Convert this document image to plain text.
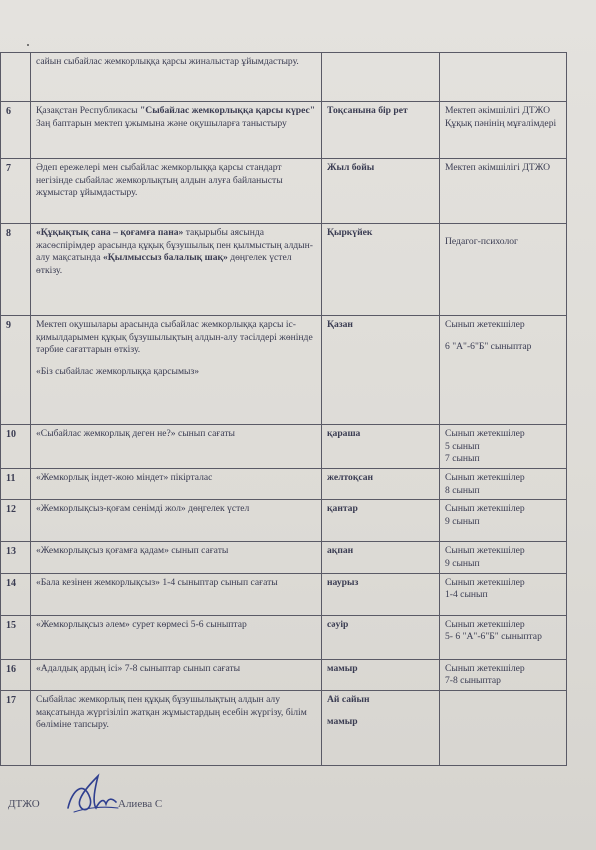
	сайын сыбайлас жемкорлыққа қарсы жиналыстар ұйымдастыру.		
6	Қазақстан Республикасы "Сыбайлас жемкорлыққа қарсы күрес" Заң баптарын мектеп ұжымына және оқушыларға таныстыру	Тоқсанына бір рет	Мектеп әкімшілігі ДТЖО Құқық пәнінің мұғалімдері
7	Әдеп ережелері мен сыбайлас жемкорлыққа қарсы стандарт негізінде сыбайлас жемкорлықтың алдын алуға байланысты жұмыстар ұйымдастыру.	Жыл бойы	Мектеп әкімшілігі ДТЖО
8	«Құқықтық сана – қоғамға пана» тақырыбы аясында жасөспірімдер арасында құқық бұзушылық пен қылмыстың алдын-алу мақсатында «Қылмыссыз балалық шақ» дөңгелек үстел өткізу.	Қыркүйек	Педагог-психолог
9	Мектеп оқушылары арасында сыбайлас жемкорлыққа қарсы іс-қимылдарымен құқық бұзушылықтың алдын-алу тәсілдері жөнінде тәрбие сағаттарын өткізу.
«Біз сыбайлас жемкорлыққа қарсымыз»	Қазан	Сынып жетекшілер
6 "А"-6"Б" сыныптар
10	«Сыбайлас жемкорлық деген не?» сынып сағаты	қараша	Сынып жетекшілер
5 сынып
7 сынып
11	«Жемкорлық індет-жою міндет» пікірталас	желтоқсан	Сынып жетекшілер
8 сынып
12	«Жемкорлықсыз-қоғам сенімді жол» дөңгелек үстел	қантар	Сынып жетекшілер
9 сынып
13	«Жемкорлықсыз қоғамға қадам» сынып сағаты	ақпан	Сынып жетекшілер
9 сынып
14	«Бала кезінен жемкорлықсыз» 1-4 сыныптар сынып сағаты	наурыз	Сынып жетекшілер
1-4 сынып
15	«Жемкорлықсыз әлем» сурет көрмесі 5-6 сыныптар	сәуір	Сынып жетекшілер
5- 6 "А"-6"Б" сыныптар
16	«Адалдық ардың ісі» 7-8 сыныптар сынып сағаты	мамыр	Сынып жетекшілер
7-8 сыныптар
17	Сыбайлас жемкорлық пен құқық бұзушылықтың алдын алу мақсатында жүргізіліп жатқан жұмыстардың есебін жүргізу, білім бөліміне тапсыру.	Ай сайын
мамыр	
ДТЖО	Алиева С
